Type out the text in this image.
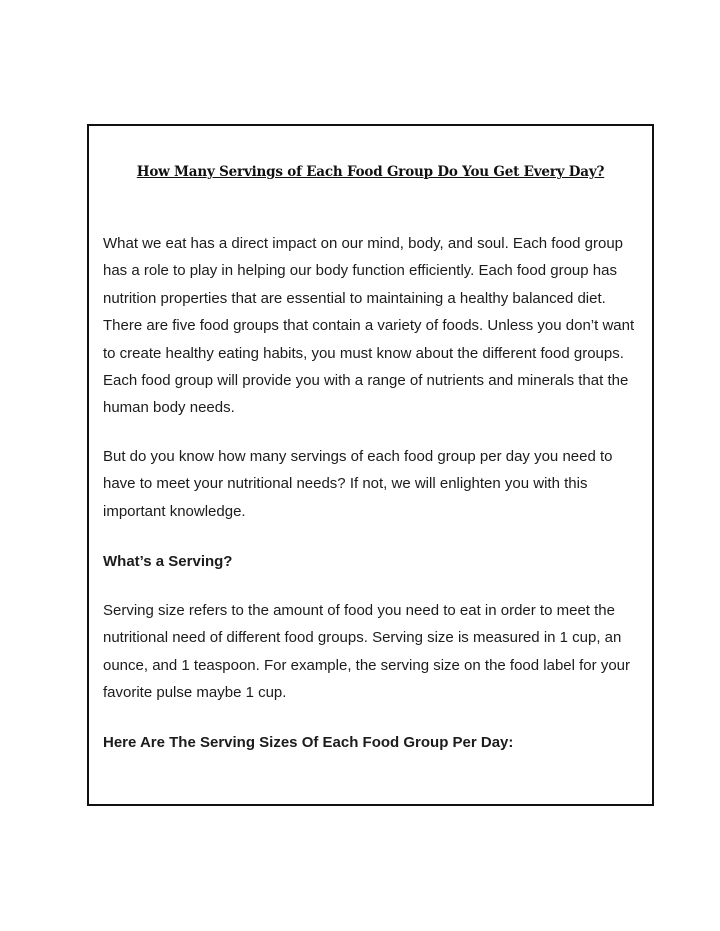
How Many Servings of Each Food Group Do You Get Every Day?

What we eat has a direct impact on our mind, body, and soul. Each food group has a role to play in helping our body function efficiently. Each food group has nutrition properties that are essential to maintaining a healthy balanced diet. There are five food groups that contain a variety of foods. Unless you don’t want to create healthy eating habits, you must know about the different food groups. Each food group will provide you with a range of nutrients and minerals that the human body needs.

But do you know how many servings of each food group per day you need to have to meet your nutritional needs? If not, we will enlighten you with this important knowledge.

What’s a Serving?

Serving size refers to the amount of food you need to eat in order to meet the nutritional need of different food groups. Serving size is measured in 1 cup, an ounce, and 1 teaspoon. For example, the serving size on the food label for your favorite pulse maybe 1 cup.

Here Are The Serving Sizes Of Each Food Group Per Day:
